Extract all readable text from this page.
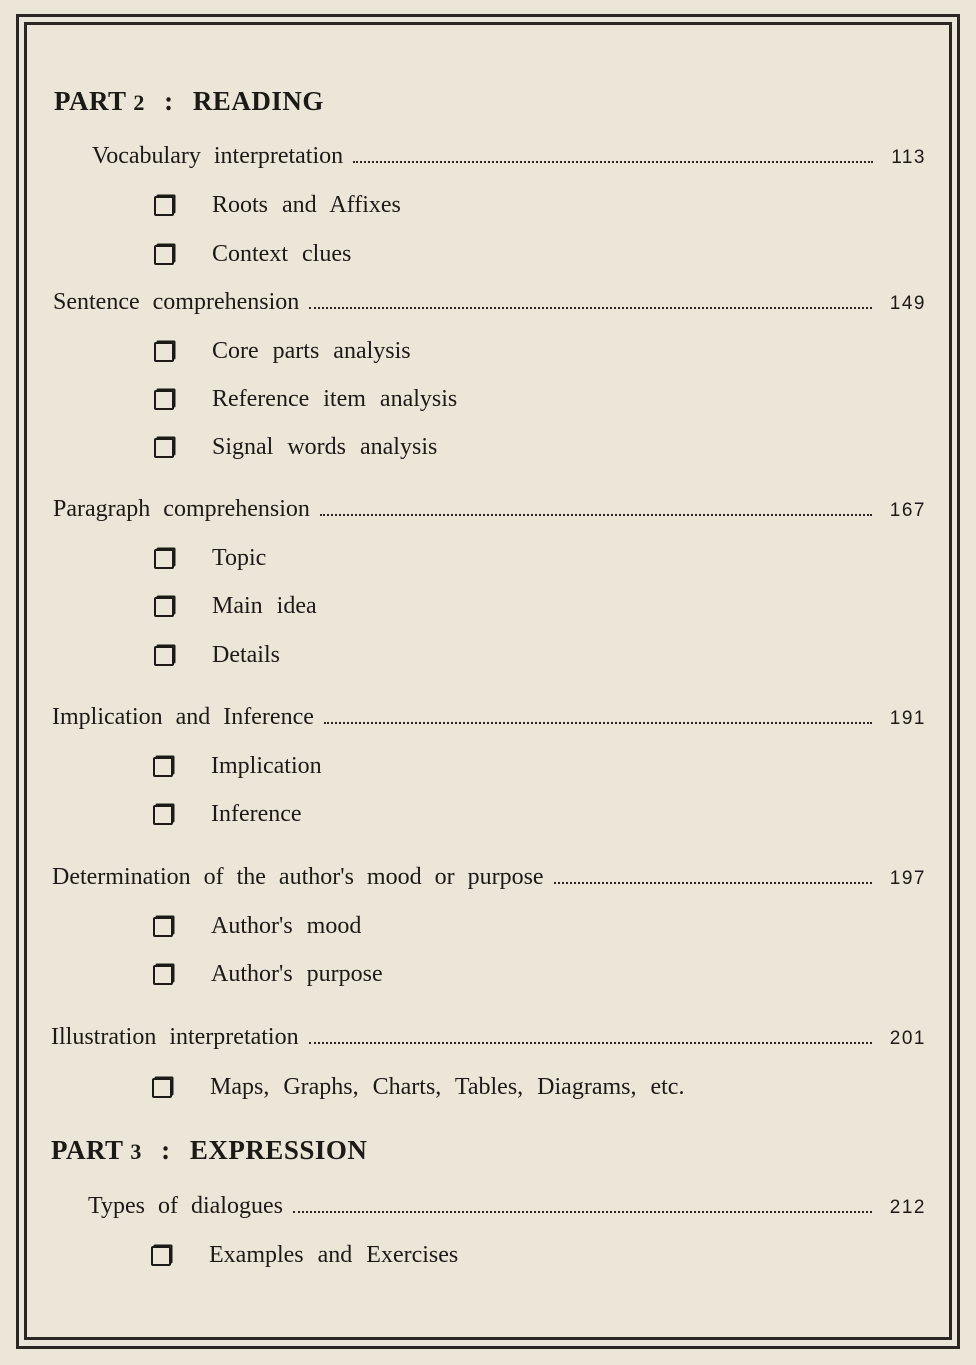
PART 2 : READING
Vocabulary interpretation	113
Roots and Affixes
Context clues
Sentence comprehension	149
Core parts analysis
Reference item analysis
Signal words analysis
Paragraph comprehension	167
Topic
Main idea
Details
Implication and Inference	191
Implication
Inference
Determination of the author's mood or purpose	197
Author's mood
Author's purpose
Illustration interpretation	201
Maps, Graphs, Charts, Tables, Diagrams, etc.
PART 3 : EXPRESSION
Types of dialogues	212
Examples and Exercises
